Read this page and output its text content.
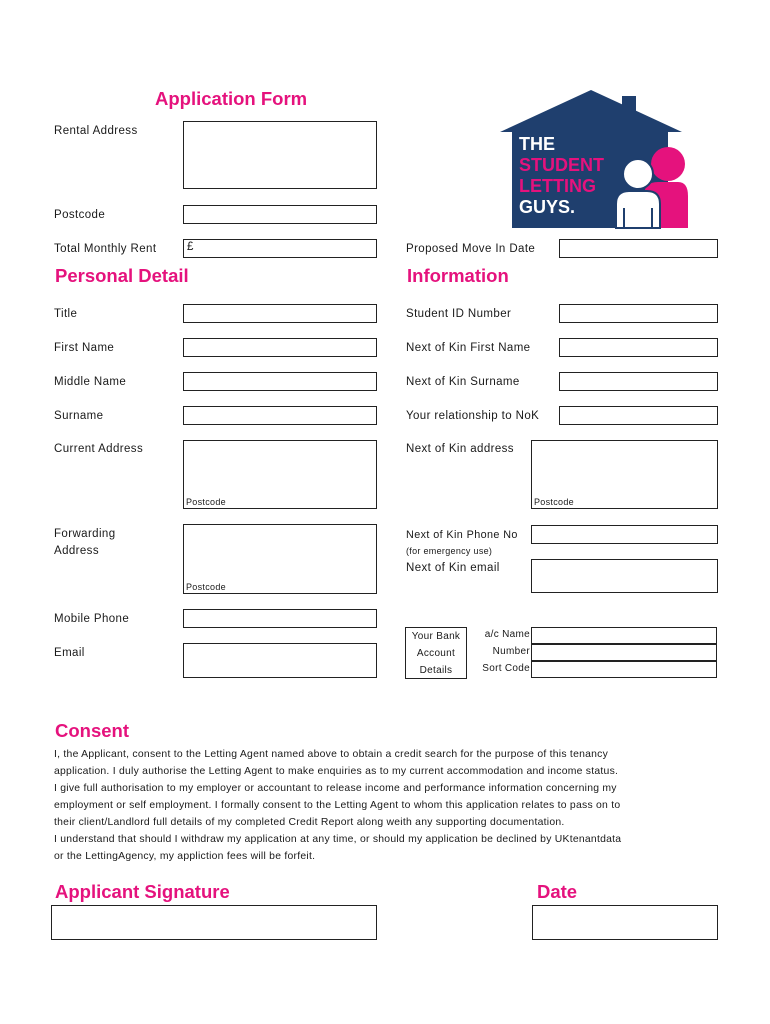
Application Form
THE
STUDENT
LETTING
GUYS.
Rental Address
Postcode
Total Monthly Rent	£	Proposed Move In Date
Personal Detail	Information
Title
First Name
Middle Name
Surname
Current Address
Postcode
Forwarding
Address
Postcode
Mobile Phone
Email
Student ID Number
Next of Kin First Name
Next of Kin Surname
Your relationship to NoK
Next of Kin address
Postcode
Next of Kin Phone No
(for emergency use)
Next of Kin email
Your Bank
Account
Details
a/c Name
Number
Sort Code
Consent

I, the Applicant, consent to the Letting Agent named above to obtain a credit search for the purpose of this tenancy

application. I duly authorise the Letting Agent to make enquiries as to my current accommodation and income status.

I give full authorisation to my employer or accountant to release income and performance information concerning my

employment or self employment. I formally consent to the Letting Agent to whom this application relates to pass on to

their client/Landlord full details of my completed Credit Report along weith any supporting documentation.

I understand that should I withdraw my application at any time, or should my application be declined by UKtenantdata

or the LettingAgency, my appliction fees will be forfeit.

Applicant Signature	Date
